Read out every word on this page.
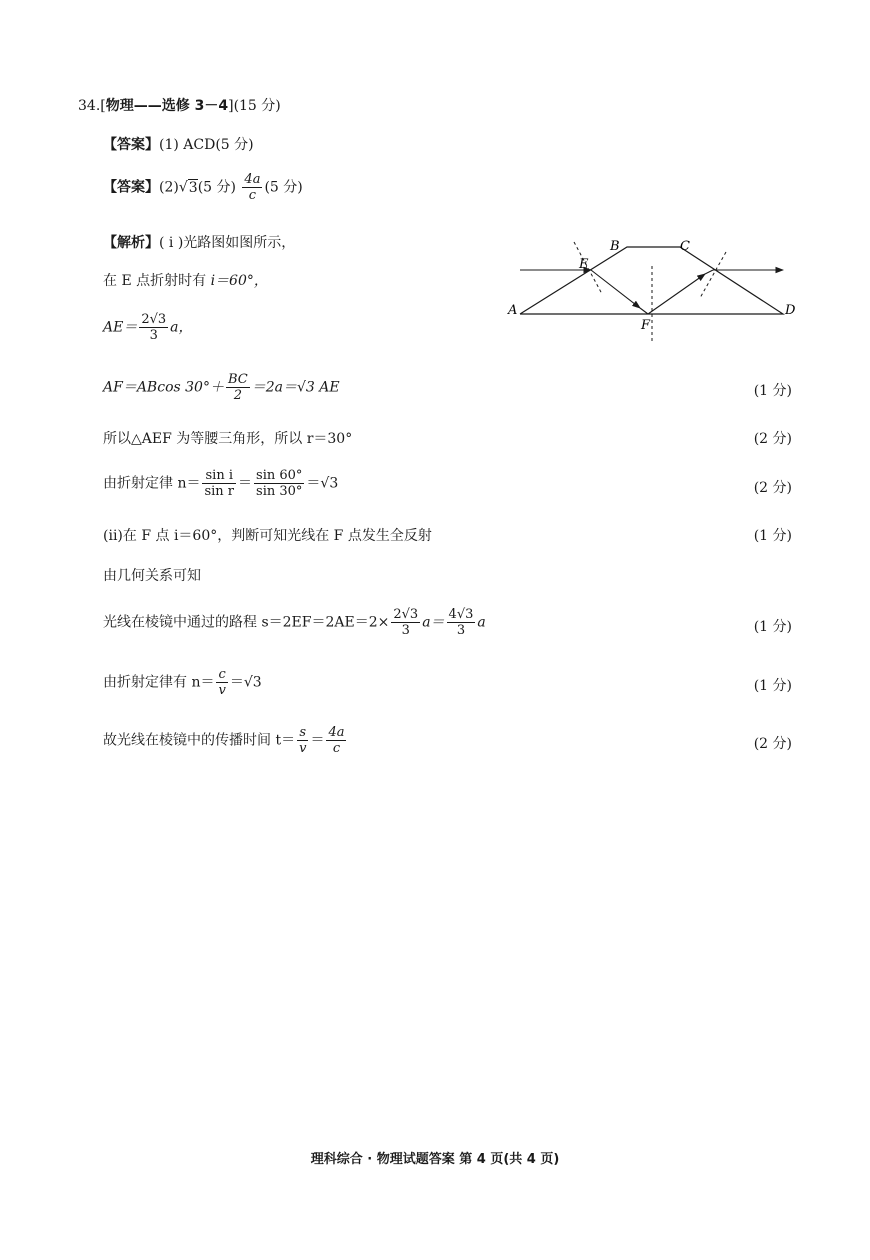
34.[物理——选修 3－4](15 分)
【答案】(1) ACD(5 分)
【答案】(2)√3(5 分) $\frac{4a}{c} (5$ 分)
【解析】( i )光路图如图所示，
在 E 点折射时有 i＝60°，
$AE= \frac{2√3}{3}$ a，
AF＝ABcos $30^\circ+ \frac{BC}{2} =2a=√3$ AE	(1 分)
所以△AEF 为等腰三角形，所以 r＝30°	(2 分)
由折射定律 $n= \frac{\text{sin i}}{\text{sin r}} = \frac{\sin 60^\circ}{\sin 30^\circ} =√3$	(2 分)
(ii)在 F 点 i＝60°，判断可知光线在 F 点发生全反射	(1 分)
由几何关系可知
光线在棱镜中通过的路程 $s=2EF=2AE=2\times \frac{2√3}{3} a= \frac{4√3}{3}$ a	(1 分)
由折射定律有 $n= \frac{c}{v} =√3$	(1 分)
故光线在棱镜中的传播时间 $t= \frac{s}{v} = \frac{4a}{c}$	(2 分)
A
B	C
D
E
F
理科综合 · 物理试题答案 第 4 页(共 4 页)
